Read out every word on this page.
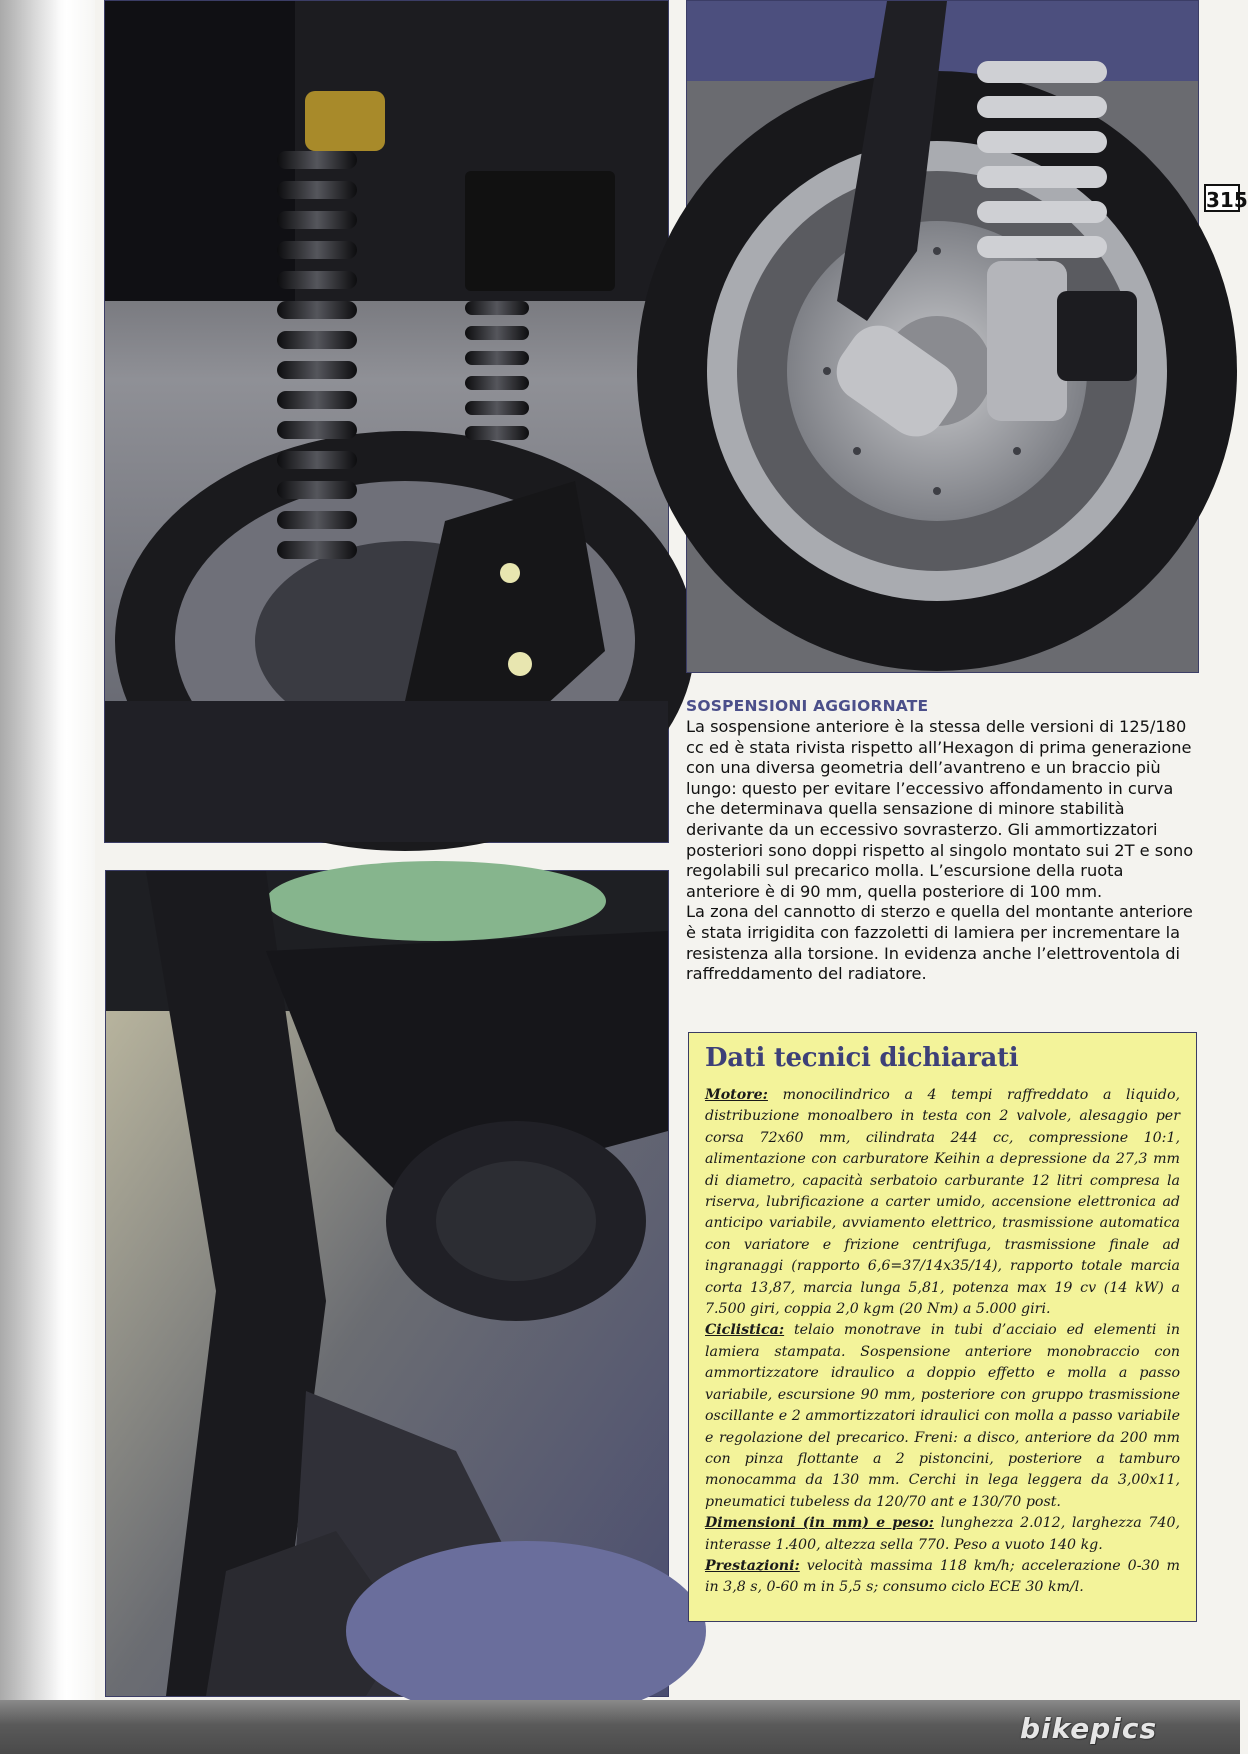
315

SOSPENSIONI AGGIORNATE

La sospensione anteriore è la stessa delle versioni di 125/180 cc ed è stata rivista rispetto all’Hexagon di prima generazione con una diversa geometria dell’avantreno e un braccio più lungo: questo per evitare l’eccessivo affondamento in curva che determinava quella sensazione di minore stabilità derivante da un eccessivo sovrasterzo. Gli ammortizzatori posteriori sono doppi rispetto al singolo montato sui 2T e sono regolabili sul precarico molla. L’escursione della ruota anteriore è di 90 mm, quella posteriore di 100 mm.
La zona del cannotto di sterzo e quella del montante anteriore è stata irrigidita con fazzoletti di lamiera per incrementare la resistenza alla torsione. In evidenza anche l’elettroventola di raffreddamento del radiatore.

Dati tecnici dichiarati

Motore: monocilindrico a 4 tempi raffreddato a liquido, distribuzione monoalbero in testa con 2 valvole, alesaggio per corsa 72x60 mm, cilindrata 244 cc, compressione 10:1, alimentazione con carburatore Keihin a depressione da 27,3 mm di diametro, capacità serbatoio carburante 12 litri compresa la riserva, lubrificazione a carter umido, accensione elettronica ad anticipo variabile, avviamento elettrico, trasmissione automatica con variatore e frizione centrifuga, trasmissione finale ad ingranaggi (rapporto 6,6=37/14x35/14), rapporto totale marcia corta 13,87, marcia lunga 5,81, potenza max 19 cv (14 kW) a 7.500 giri, coppia 2,0 kgm (20 Nm) a 5.000 giri.
Ciclistica: telaio monotrave in tubi d’acciaio ed elementi in lamiera stampata. Sospensione anteriore monobraccio con ammortizzatore idraulico a doppio effetto e molla a passo variabile, escursione 90 mm, posteriore con gruppo trasmissione oscillante e 2 ammortizzatori idraulici con molla a passo variabile e regolazione del precarico. Freni: a disco, anteriore da 200 mm con pinza flottante a 2 pistoncini, posteriore a tamburo monocamma da 130 mm. Cerchi in lega leggera da 3,00x11, pneumatici tubeless da 120/70 ant e 130/70 post.
Dimensioni (in mm) e peso: lunghezza 2.012, larghezza 740, interasse 1.400, altezza sella 770. Peso a vuoto 140 kg.
Prestazioni: velocità massima 118 km/h; accelerazione 0-30 m in 3,8 s, 0-60 m in 5,5 s; consumo ciclo ECE 30 km/l.

bikepics
